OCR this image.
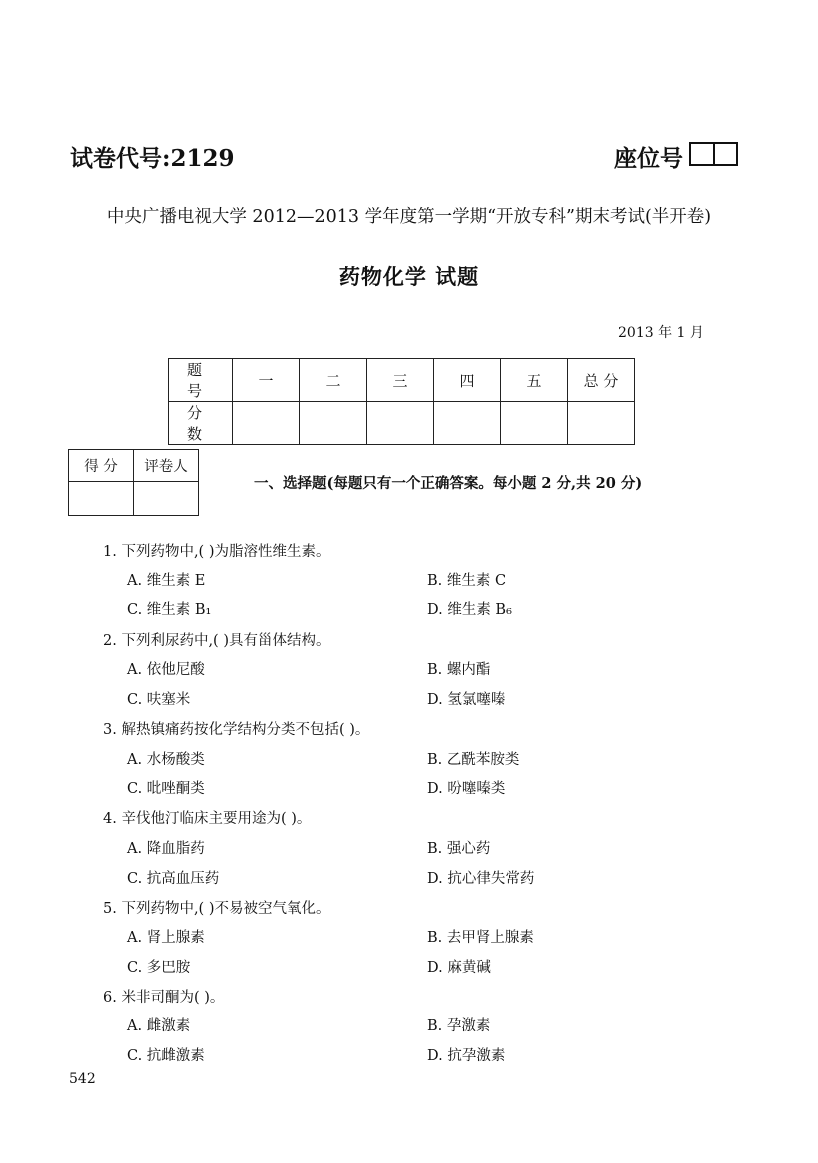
试卷代号:2129	座位号
中央广播电视大学 2012—2013 学年度第一学期“开放专科”期末考试(半开卷)
药物化学 试题
2013 年 1 月
题 号	一	二	三	四	五	总 分
分 数						
得 分	评卷人

一、选择题(每题只有一个正确答案。每小题 2 分,共 20 分)
1. 下列药物中,( )为脂溶性维生素。
A. 维生素 E	B. 维生素 C
C. 维生素 B₁	D. 维生素 B₆
2. 下列利尿药中,( )具有甾体结构。
A. 依他尼酸	B. 螺内酯
C. 呋塞米	D. 氢氯噻嗪
3. 解热镇痛药按化学结构分类不包括( )。
A. 水杨酸类	B. 乙酰苯胺类
C. 吡唑酮类	D. 吩噻嗪类
4. 辛伐他汀临床主要用途为( )。
A. 降血脂药	B. 强心药
C. 抗高血压药	D. 抗心律失常药
5. 下列药物中,( )不易被空气氧化。
A. 肾上腺素	B. 去甲肾上腺素
C. 多巴胺	D. 麻黄碱
6. 米非司酮为( )。
A. 雌激素	B. 孕激素
C. 抗雌激素	D. 抗孕激素
542
